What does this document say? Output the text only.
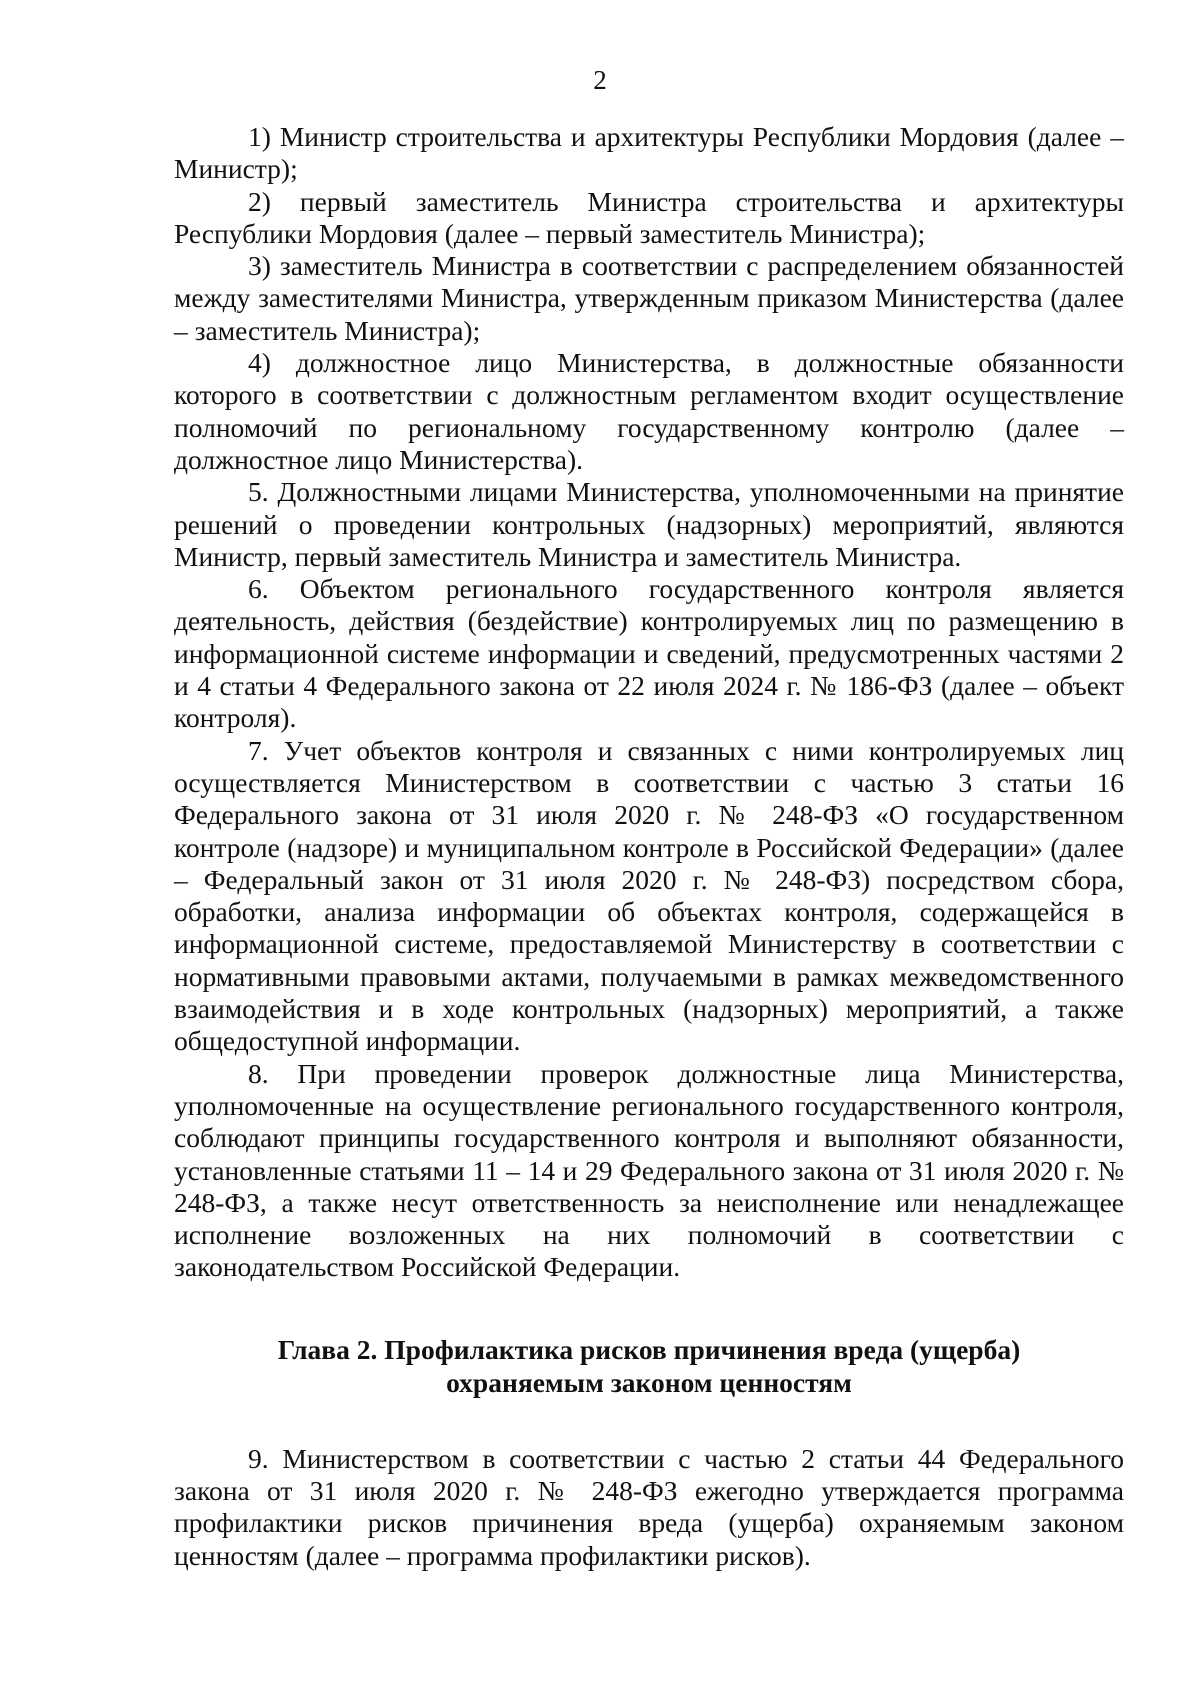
2

1) Министр строительства и архитектуры Республики Мордовия (далее – Министр);

2) первый заместитель Министра строительства и архитектуры Республики Мордовия (далее – первый заместитель Министра);

3) заместитель Министра в соответствии с распределением обязанностей между заместителями Министра, утвержденным приказом Министерства (далее – заместитель Министра);

4) должностное лицо Министерства, в должностные обязанности которого в соответствии с должностным регламентом входит осуществление полномочий по региональному государственному контролю (далее – должностное лицо Министерства).

5. Должностными лицами Министерства, уполномоченными на принятие решений о проведении контрольных (надзорных) мероприятий, являются Министр, первый заместитель Министра и заместитель Министра.

6. Объектом регионального государственного контроля является деятельность, действия (бездействие) контролируемых лиц по размещению в информационной системе информации и сведений, предусмотренных частями 2 и 4 статьи 4 Федерального закона от 22 июля 2024 г. № 186-ФЗ (далее – объект контроля).

7. Учет объектов контроля и связанных с ними контролируемых лиц осуществляется Министерством в соответствии с частью 3 статьи 16 Федерального закона от 31 июля 2020 г. № 248-ФЗ «О государственном контроле (надзоре) и муниципальном контроле в Российской Федерации» (далее – Федеральный закон от 31 июля 2020 г. № 248-ФЗ) посредством сбора, обработки, анализа информации об объектах контроля, содержащейся в информационной системе, предоставляемой Министерству в соответствии с нормативными правовыми актами, получаемыми в рамках межведомственного взаимодействия и в ходе контрольных (надзорных) мероприятий, а также общедоступной информации.

8. При проведении проверок должностные лица Министерства, уполномоченные на осуществление регионального государственного контроля, соблюдают принципы государственного контроля и выполняют обязанности, установленные статьями 11 – 14 и 29 Федерального закона от 31 июля 2020 г. № 248-ФЗ, а также несут ответственность за неисполнение или ненадлежащее исполнение возложенных на них полномочий в соответствии с законодательством Российской Федерации.

Глава 2. Профилактика рисков причинения вреда (ущерба)
охраняемым законом ценностям

9. Министерством в соответствии с частью 2 статьи 44 Федерального закона от 31 июля 2020 г. № 248-ФЗ ежегодно утверждается программа профилактики рисков причинения вреда (ущерба) охраняемым законом ценностям (далее – программа профилактики рисков).
